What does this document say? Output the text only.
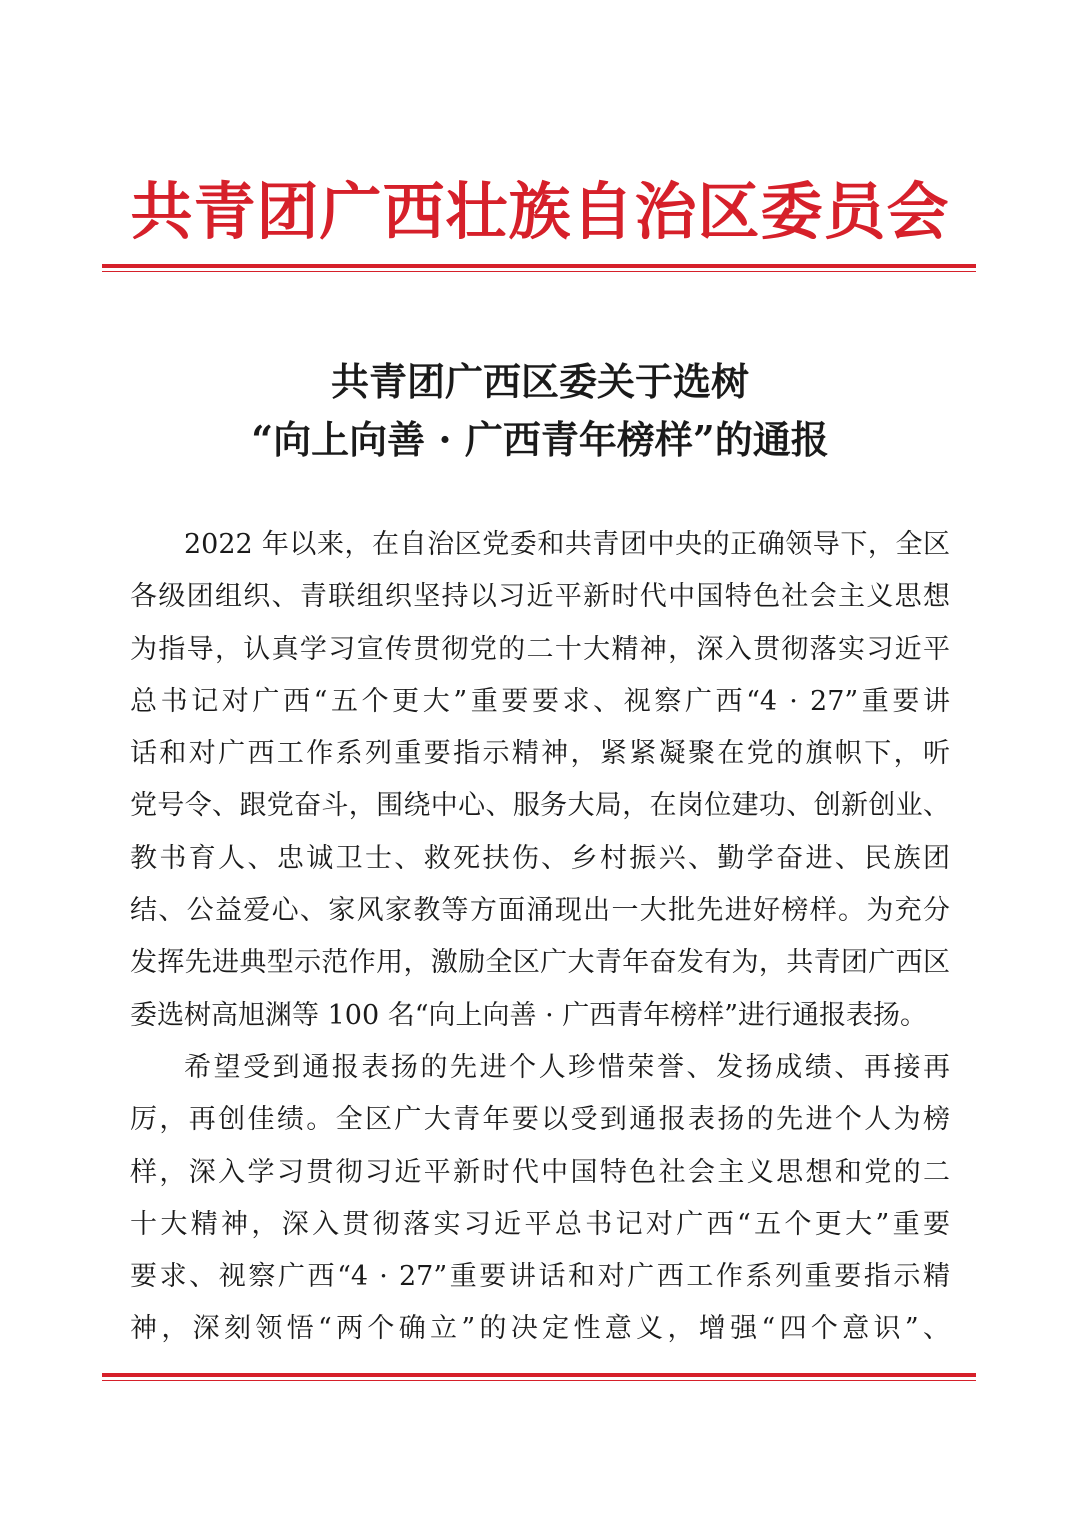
共青团广西壮族自治区委员会
共青团广西区委关于选树
“向上向善 · 广西青年榜样”的通报
2022 年以来，在自治区党委和共青团中央的正确领导下，全区
各级团组织、青联组织坚持以习近平新时代中国特色社会主义思想
为指导，认真学习宣传贯彻党的二十大精神，深入贯彻落实习近平
总书记对广西“五个更大”重要要求、视察广西“4 · 27”重要讲
话和对广西工作系列重要指示精神，紧紧凝聚在党的旗帜下，听
党号令、跟党奋斗，围绕中心、服务大局，在岗位建功、创新创业、
教书育人、忠诚卫士、救死扶伤、乡村振兴、勤学奋进、民族团
结、公益爱心、家风家教等方面涌现出一大批先进好榜样。为充分
发挥先进典型示范作用，激励全区广大青年奋发有为，共青团广西区
委选树高旭渊等 100 名“向上向善 · 广西青年榜样”进行通报表扬。
希望受到通报表扬的先进个人珍惜荣誉、发扬成绩、再接再
厉，再创佳绩。全区广大青年要以受到通报表扬的先进个人为榜
样，深入学习贯彻习近平新时代中国特色社会主义思想和党的二
十大精神，深入贯彻落实习近平总书记对广西“五个更大”重要
要求、视察广西“4 · 27”重要讲话和对广西工作系列重要指示精
神，深刻领悟“两个确立”的决定性意义，增强“四个意识”、
